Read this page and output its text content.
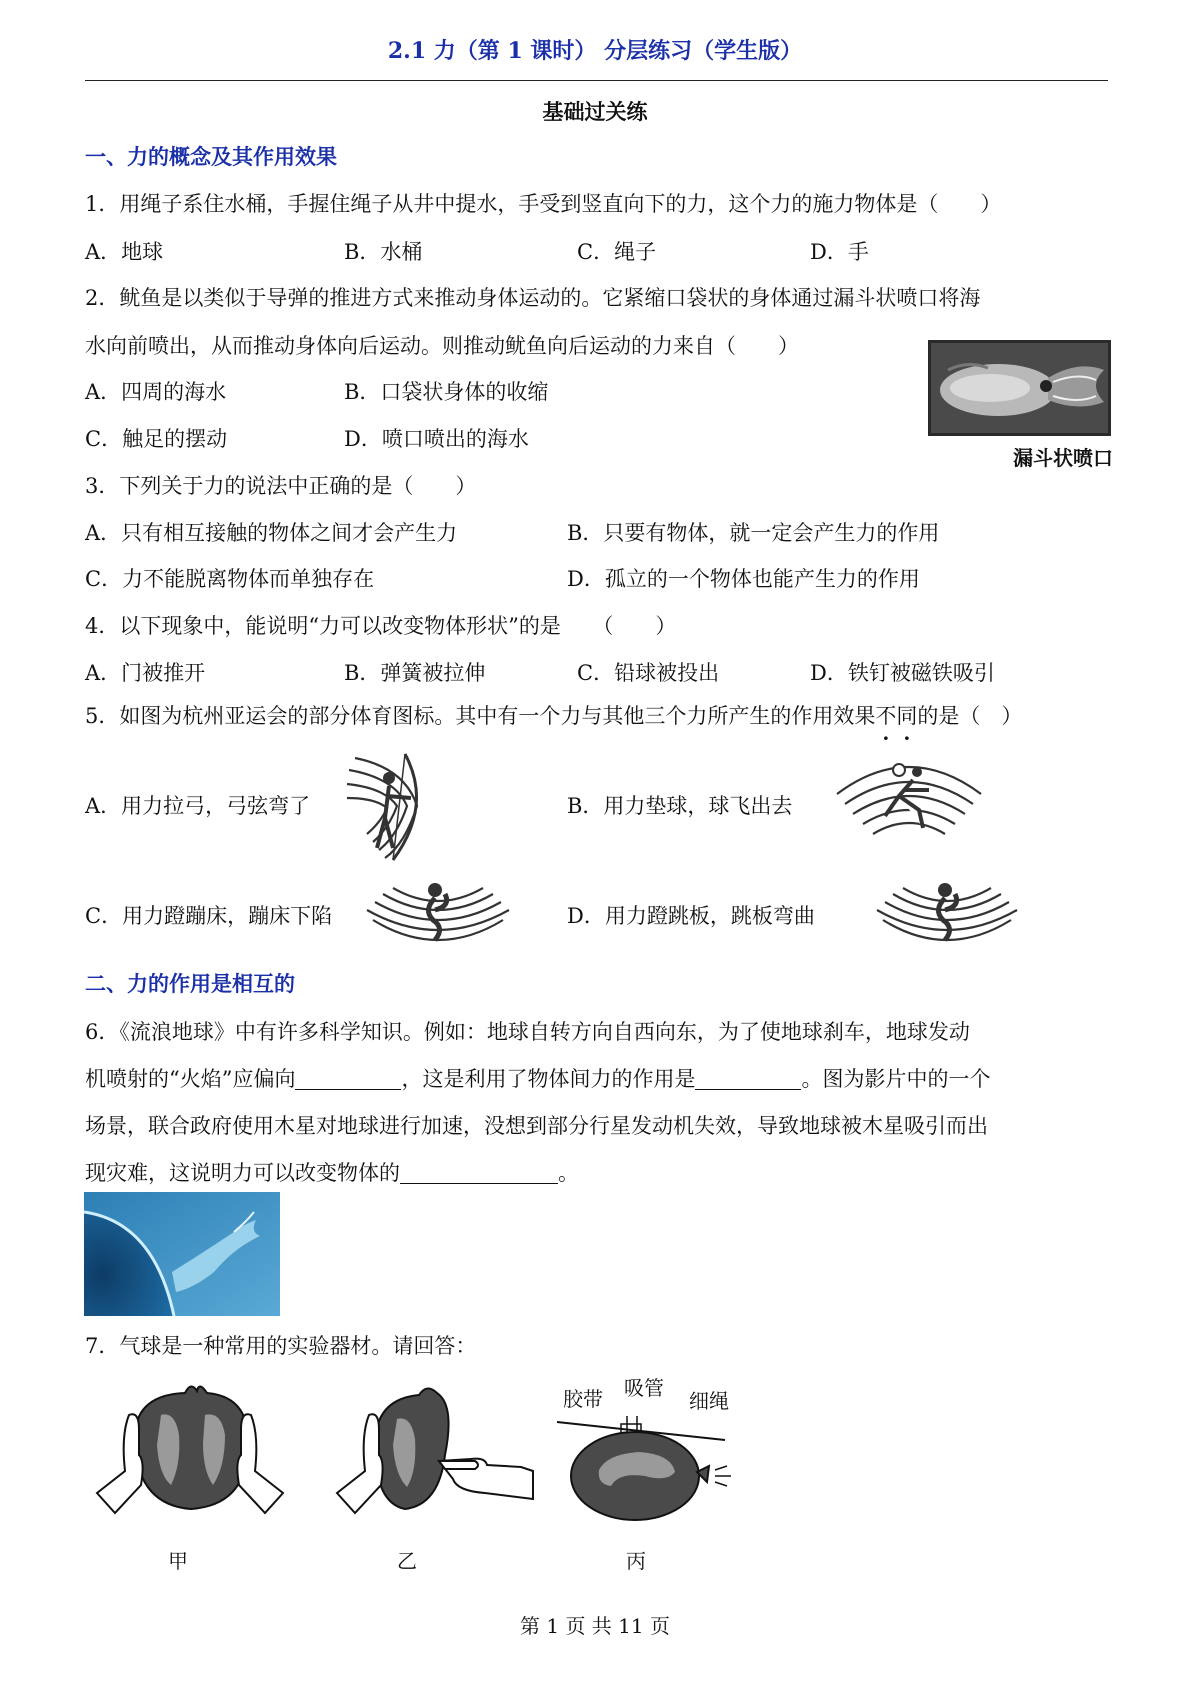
2.1 力（第 1 课时） 分层练习（学生版）
基础过关练
一、力的概念及其作用效果
1．用绳子系住水桶，手握住绳子从井中提水，手受到竖直向下的力，这个力的施力物体是（　　）
A．地球	B．水桶	C．绳子	D．手
2．鱿鱼是以类似于导弹的推进方式来推动身体运动的。它紧缩口袋状的身体通过漏斗状喷口将海
水向前喷出，从而推动身体向后运动。则推动鱿鱼向后运动的力来自（　　）
A．四周的海水	B．口袋状身体的收缩
C．触足的摆动	D．喷口喷出的海水
漏斗状喷口
3．下列关于力的说法中正确的是（　　）
A．只有相互接触的物体之间才会产生力	B．只要有物体，就一定会产生力的作用
C．力不能脱离物体而单独存在	D．孤立的一个物体也能产生力的作用
4．以下现象中，能说明“力可以改变物体形状”的是　　（　　）
A．门被推开	B．弹簧被拉伸	C．铅球被投出	D．铁钉被磁铁吸引
5．如图为杭州亚运会的部分体育图标。其中有一个力与其他三个力所产生的作用效果不同的是（　）
A．用力拉弓，弓弦弯了	B．用力垫球，球飞出去
C．用力蹬蹦床，蹦床下陷	D．用力蹬跳板，跳板弯曲
二、力的作用是相互的
6．《流浪地球》中有许多科学知识。例如：地球自转方向自西向东，为了使地球刹车，地球发动
机喷射的“火焰”应偏向	，这是利用了物体间力的作用是	。图为影片中的一个
场景，联合政府使用木星对地球进行加速，没想到部分行星发动机失效，导致地球被木星吸引而出
现灾难，这说明力可以改变物体的	。
7．气球是一种常用的实验器材。请回答：
甲	乙
胶带 吸管
细绳
丙
第 1 页 共 11 页
